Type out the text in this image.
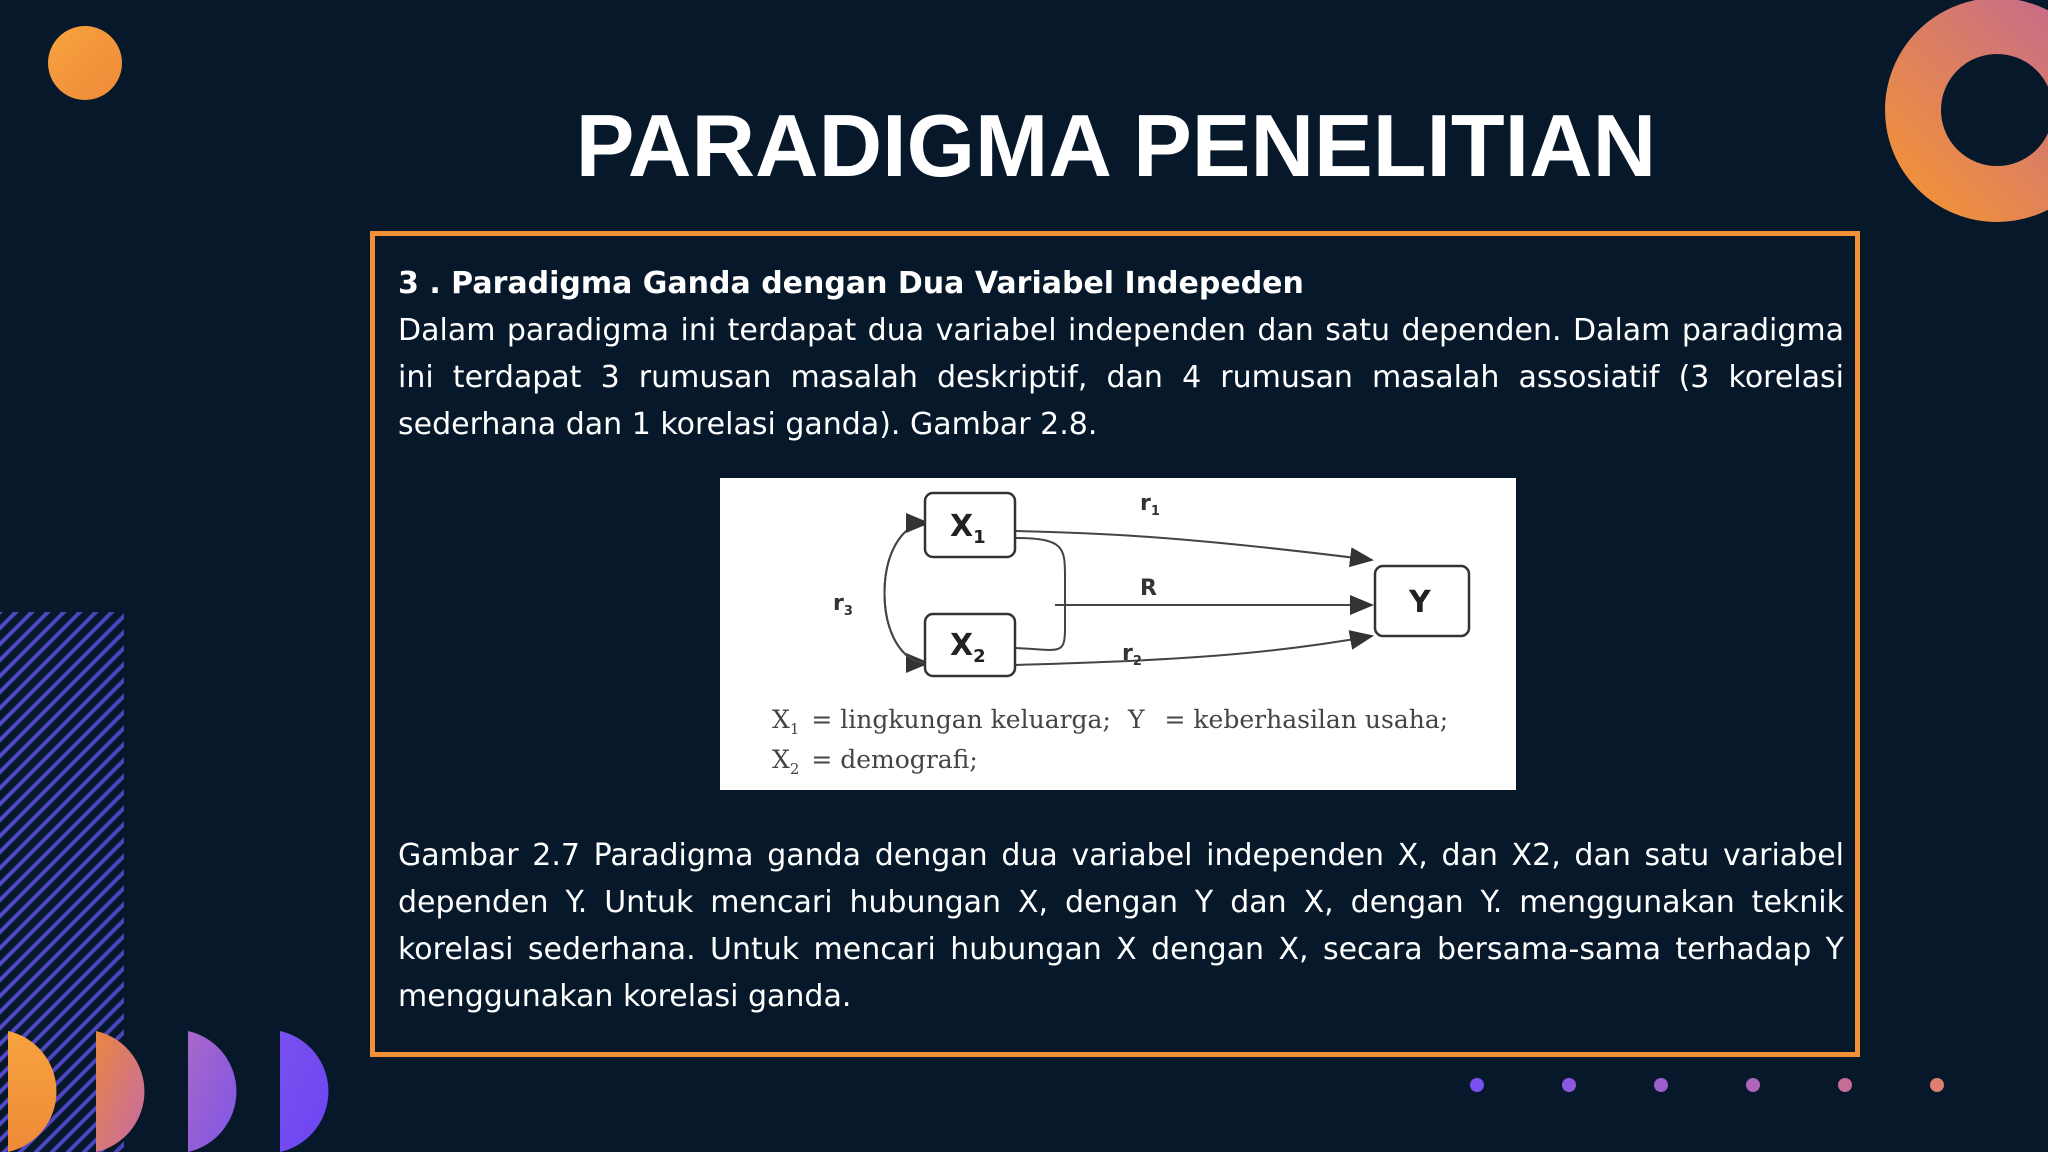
PARADIGMA PENELITIAN
3 . Paradigma Ganda dengan Dua Variabel Indepeden
Dalam paradigma ini terdapat dua variabel independen dan satu dependen. Dalam paradigma ini terdapat 3 rumusan masalah deskriptif, dan 4 rumusan masalah assosiatif (3 korelasi sederhana dan 1 korelasi ganda). Gambar 2.8.
$X_1$
$X_2$
Y
$r_1$
R
$r_2$
$r_3$
$X_1$ = lingkungan keluarga; Y = keberhasilan usaha;
$X_2$ = demografi;
Gambar 2.7 Paradigma ganda dengan dua variabel independen X, dan X2, dan satu variabel dependen Y. Untuk mencari hubungan X, dengan Y dan X, dengan Y. menggunakan teknik korelasi sederhana. Untuk mencari hubungan X dengan X, secara bersama-sama terhadap Y menggunakan korelasi ganda.
